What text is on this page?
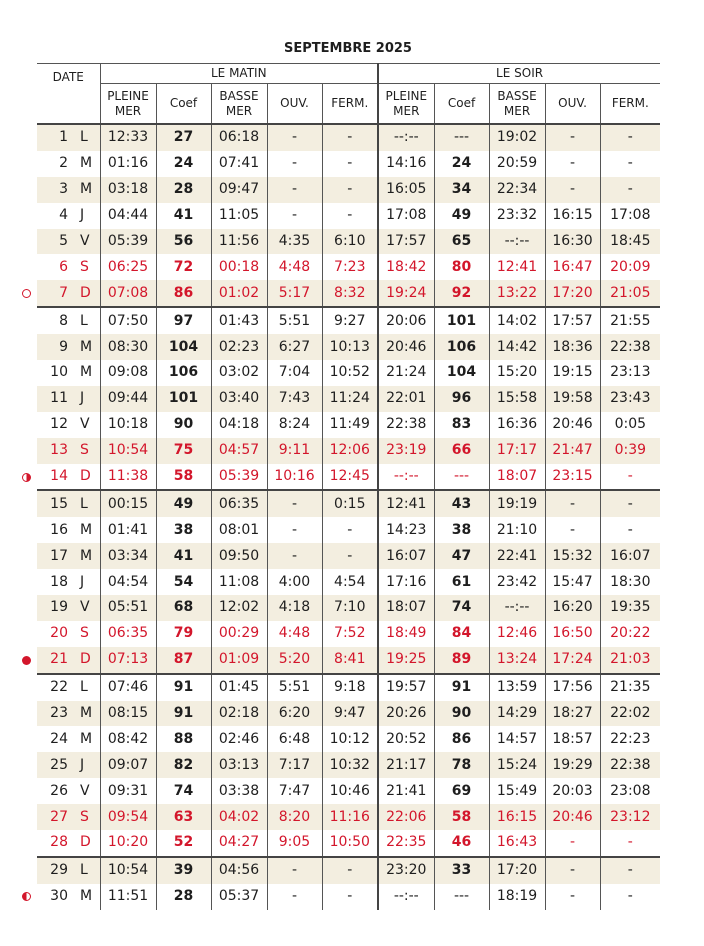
SEPTEMBRE 2025
DATE		LE MATIN					LE SOIR				
		PLEINE MER	Coef	BASSE MER	OUV.	FERM.	PLEINE MER	Coef	BASSE MER	OUV.	FERM.
1	L	12:33	27	06:18	-	-	--:--	---	19:02	-	-
2	M	01:16	24	07:41	-	-	14:16	24	20:59	-	-
3	M	03:18	28	09:47	-	-	16:05	34	22:34	-	-
4	J	04:44	41	11:05	-	-	17:08	49	23:32	16:15	17:08
5	V	05:39	56	11:56	4:35	6:10	17:57	65	--:--	16:30	18:45
6	S	06:25	72	00:18	4:48	7:23	18:42	80	12:41	16:47	20:09
7	D	07:08	86	01:02	5:17	8:32	19:24	92	13:22	17:20	21:05
8	L	07:50	97	01:43	5:51	9:27	20:06	101	14:02	17:57	21:55
9	M	08:30	104	02:23	6:27	10:13	20:46	106	14:42	18:36	22:38
10	M	09:08	106	03:02	7:04	10:52	21:24	104	15:20	19:15	23:13
11	J	09:44	101	03:40	7:43	11:24	22:01	96	15:58	19:58	23:43
12	V	10:18	90	04:18	8:24	11:49	22:38	83	16:36	20:46	0:05
13	S	10:54	75	04:57	9:11	12:06	23:19	66	17:17	21:47	0:39
14	D	11:38	58	05:39	10:16	12:45	--:--	---	18:07	23:15	-
15	L	00:15	49	06:35	-	0:15	12:41	43	19:19	-	-
16	M	01:41	38	08:01	-	-	14:23	38	21:10	-	-
17	M	03:34	41	09:50	-	-	16:07	47	22:41	15:32	16:07
18	J	04:54	54	11:08	4:00	4:54	17:16	61	23:42	15:47	18:30
19	V	05:51	68	12:02	4:18	7:10	18:07	74	--:--	16:20	19:35
20	S	06:35	79	00:29	4:48	7:52	18:49	84	12:46	16:50	20:22
21	D	07:13	87	01:09	5:20	8:41	19:25	89	13:24	17:24	21:03
22	L	07:46	91	01:45	5:51	9:18	19:57	91	13:59	17:56	21:35
23	M	08:15	91	02:18	6:20	9:47	20:26	90	14:29	18:27	22:02
24	M	08:42	88	02:46	6:48	10:12	20:52	86	14:57	18:57	22:23
25	J	09:07	82	03:13	7:17	10:32	21:17	78	15:24	19:29	22:38
26	V	09:31	74	03:38	7:47	10:46	21:41	69	15:49	20:03	23:08
27	S	09:54	63	04:02	8:20	11:16	22:06	58	16:15	20:46	23:12
28	D	10:20	52	04:27	9:05	10:50	22:35	46	16:43	-	-
29	L	10:54	39	04:56	-	-	23:20	33	17:20	-	-
30	M	11:51	28	05:37	-	-	--:--	---	18:19	-	-
